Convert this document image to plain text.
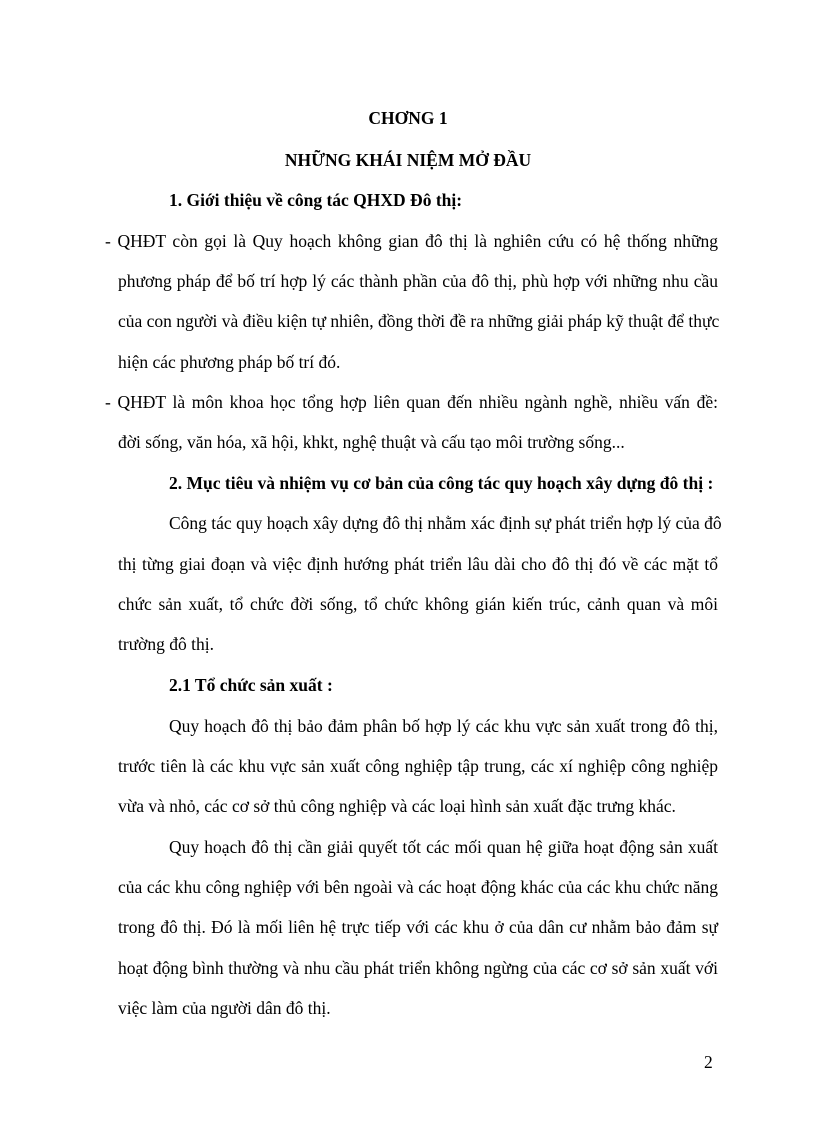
CHƠNG 1
NHỮNG KHÁI NIỆM MỞ ĐẦU
1. Giới thiệu về công tác QHXD Đô thị:
- QHĐT còn gọi là Quy hoạch không gian đô thị là nghiên cứu có hệ thống những
phương pháp để bố trí hợp lý các thành phần của đô thị, phù hợp với những nhu cầu
của con người và điều kiện tự nhiên, đồng thời đề ra những giải pháp kỹ thuật để thực
hiện các phương pháp bố trí đó.
- QHĐT là môn khoa học tổng hợp liên quan đến nhiều ngành nghề, nhiều vấn đề:
đời sống, văn hóa, xã hội, khkt, nghệ thuật và cấu tạo môi trường sống...
2. Mục tiêu và nhiệm vụ cơ bản của công tác quy hoạch xây dựng đô thị :
Công tác quy hoạch xây dựng đô thị nhằm xác định sự phát triển hợp lý của đô
thị từng giai đoạn và việc định hướng phát triển lâu dài cho đô thị đó về các mặt tổ
chức sản xuất, tổ chức đời sống, tổ chức không gián kiến trúc, cảnh quan và môi
trường đô thị.
2.1 Tổ chức sản xuất :
Quy hoạch đô thị bảo đảm phân bố hợp lý các khu vực sản xuất trong đô thị,
trước tiên là các khu vực sản xuất công nghiệp tập trung, các xí nghiệp công nghiệp
vừa và nhỏ, các cơ sở thủ công nghiệp và các loại hình sản xuất đặc trưng khác.
Quy hoạch đô thị cần giải quyết tốt các mối quan hệ giữa hoạt động sản xuất
của các khu công nghiệp với bên ngoài và các hoạt động khác của các khu chức năng
trong đô thị. Đó là mối liên hệ trực tiếp với các khu ở của dân cư nhằm bảo đảm sự
hoạt động bình thường và nhu cầu phát triển không ngừng của các cơ sở sản xuất với
việc làm của người dân đô thị.
2
